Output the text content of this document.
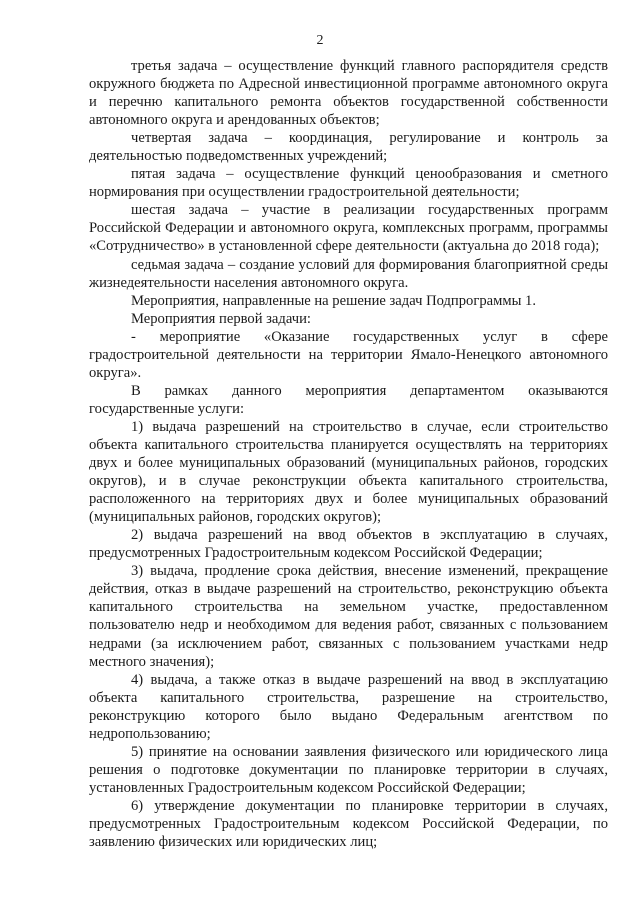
2

третья задача – осуществление функций главного распорядителя средств окружного бюджета по Адресной инвестиционной программе автономного округа и перечню капитального ремонта объектов государственной собственности автономного округа и арендованных объектов;

четвертая задача – координация, регулирование и контроль за деятельностью подведомственных учреждений;

пятая задача – осуществление функций ценообразования и сметного нормирования при осуществлении градостроительной деятельности;

шестая задача – участие в реализации государственных программ Российской Федерации и автономного округа, комплексных программ, программы «Сотрудничество» в установленной сфере деятельности (актуальна до 2018 года);

седьмая задача – создание условий для формирования благоприятной среды жизнедеятельности населения автономного округа.

Мероприятия, направленные на решение задач Подпрограммы 1.

Мероприятия первой задачи:

- мероприятие «Оказание государственных услуг в сфере градостроительной деятельности на территории Ямало-Ненецкого автономного округа».

В рамках данного мероприятия департаментом оказываются государственные услуги:

1) выдача разрешений на строительство в случае, если строительство объекта капитального строительства планируется осуществлять на территориях двух и более муниципальных образований (муниципальных районов, городских округов), и в случае реконструкции объекта капитального строительства, расположенного на территориях двух и более муниципальных образований (муниципальных районов, городских округов);

2) выдача разрешений на ввод объектов в эксплуатацию в случаях, предусмотренных Градостроительным кодексом Российской Федерации;

3) выдача, продление срока действия, внесение изменений, прекращение действия, отказ в выдаче разрешений на строительство, реконструкцию объекта капитального строительства на земельном участке, предоставленном пользователю недр и необходимом для ведения работ, связанных с пользованием недрами (за исключением работ, связанных с пользованием участками недр местного значения);

4) выдача, а также отказ в выдаче разрешений на ввод в эксплуатацию объекта капитального строительства, разрешение на строительство, реконструкцию которого было выдано Федеральным агентством по недропользованию;

5) принятие на основании заявления физического или юридического лица решения о подготовке документации по планировке территории в случаях, установленных Градостроительным кодексом Российской Федерации;

6) утверждение документации по планировке территории в случаях, предусмотренных Градостроительным кодексом Российской Федерации, по заявлению физических или юридических лиц;
